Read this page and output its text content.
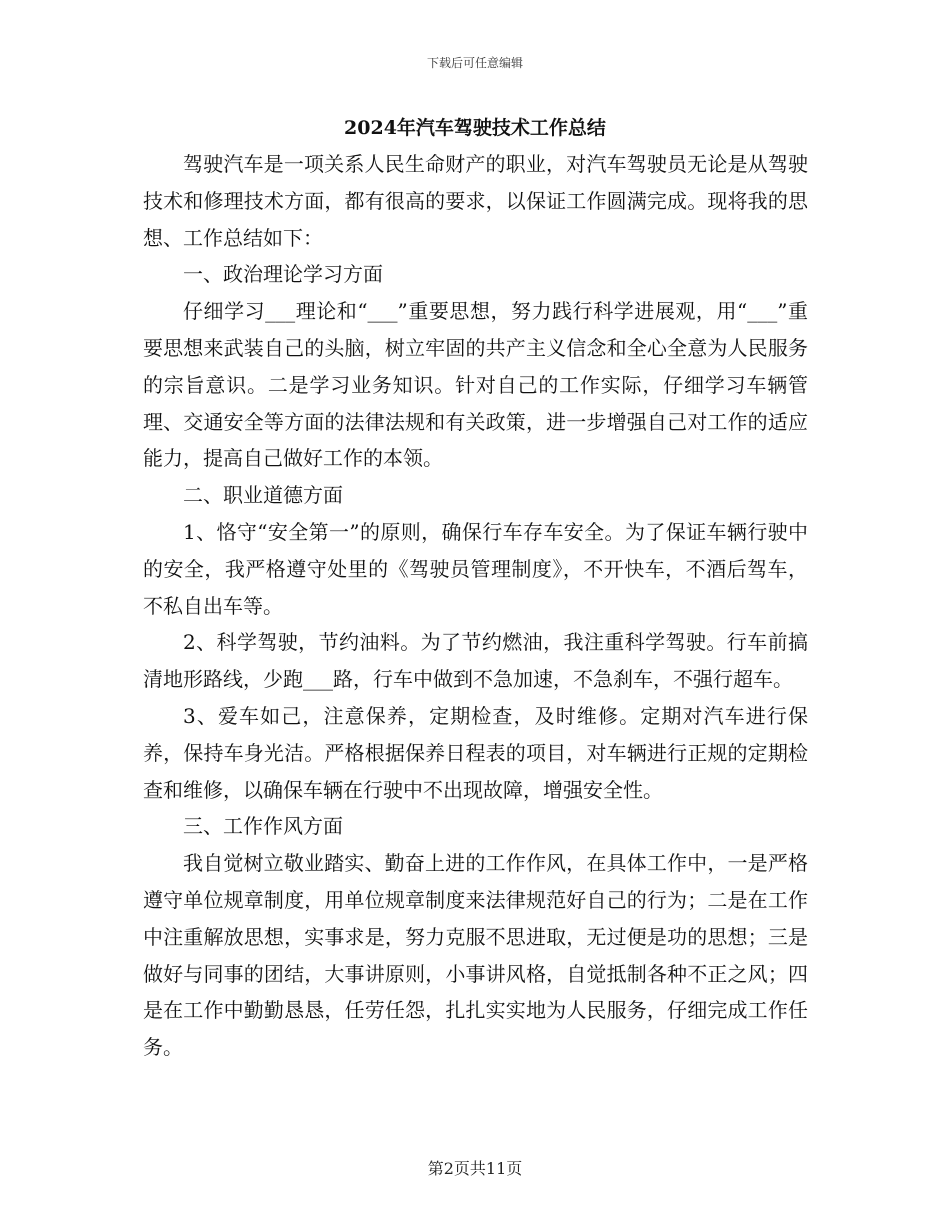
下载后可任意编辑
2024年汽车驾驶技术工作总结

驾驶汽车是一项关系人民生命财产的职业，对汽车驾驶员无论是从驾驶技术和修理技术方面，都有很高的要求，以保证工作圆满完成。现将我的思想、工作总结如下：

一、政治理论学习方面

仔细学习___理论和“___”重要思想，努力践行科学进展观，用“___”重要思想来武装自己的头脑，树立牢固的共产主义信念和全心全意为人民服务的宗旨意识。二是学习业务知识。针对自己的工作实际，仔细学习车辆管理、交通安全等方面的法律法规和有关政策，进一步增强自己对工作的适应能力，提高自己做好工作的本领。

二、职业道德方面

1、恪守“安全第一”的原则，确保行车存车安全。为了保证车辆行驶中的安全，我严格遵守处里的《驾驶员管理制度》，不开快车，不酒后驾车，不私自出车等。

2、科学驾驶，节约油料。为了节约燃油，我注重科学驾驶。行车前搞清地形路线，少跑___路，行车中做到不急加速，不急刹车，不强行超车。

3、爱车如己，注意保养，定期检查，及时维修。定期对汽车进行保养，保持车身光洁。严格根据保养日程表的项目，对车辆进行正规的定期检查和维修，以确保车辆在行驶中不出现故障，增强安全性。

三、工作作风方面

我自觉树立敬业踏实、勤奋上进的工作作风，在具体工作中，一是严格遵守单位规章制度，用单位规章制度来法律规范好自己的行为；二是在工作中注重解放思想，实事求是，努力克服不思进取，无过便是功的思想；三是做好与同事的团结，大事讲原则，小事讲风格，自觉抵制各种不正之风；四是在工作中勤勤恳恳，任劳任怨，扎扎实实地为人民服务，仔细完成工作任务。

第2页共11页
